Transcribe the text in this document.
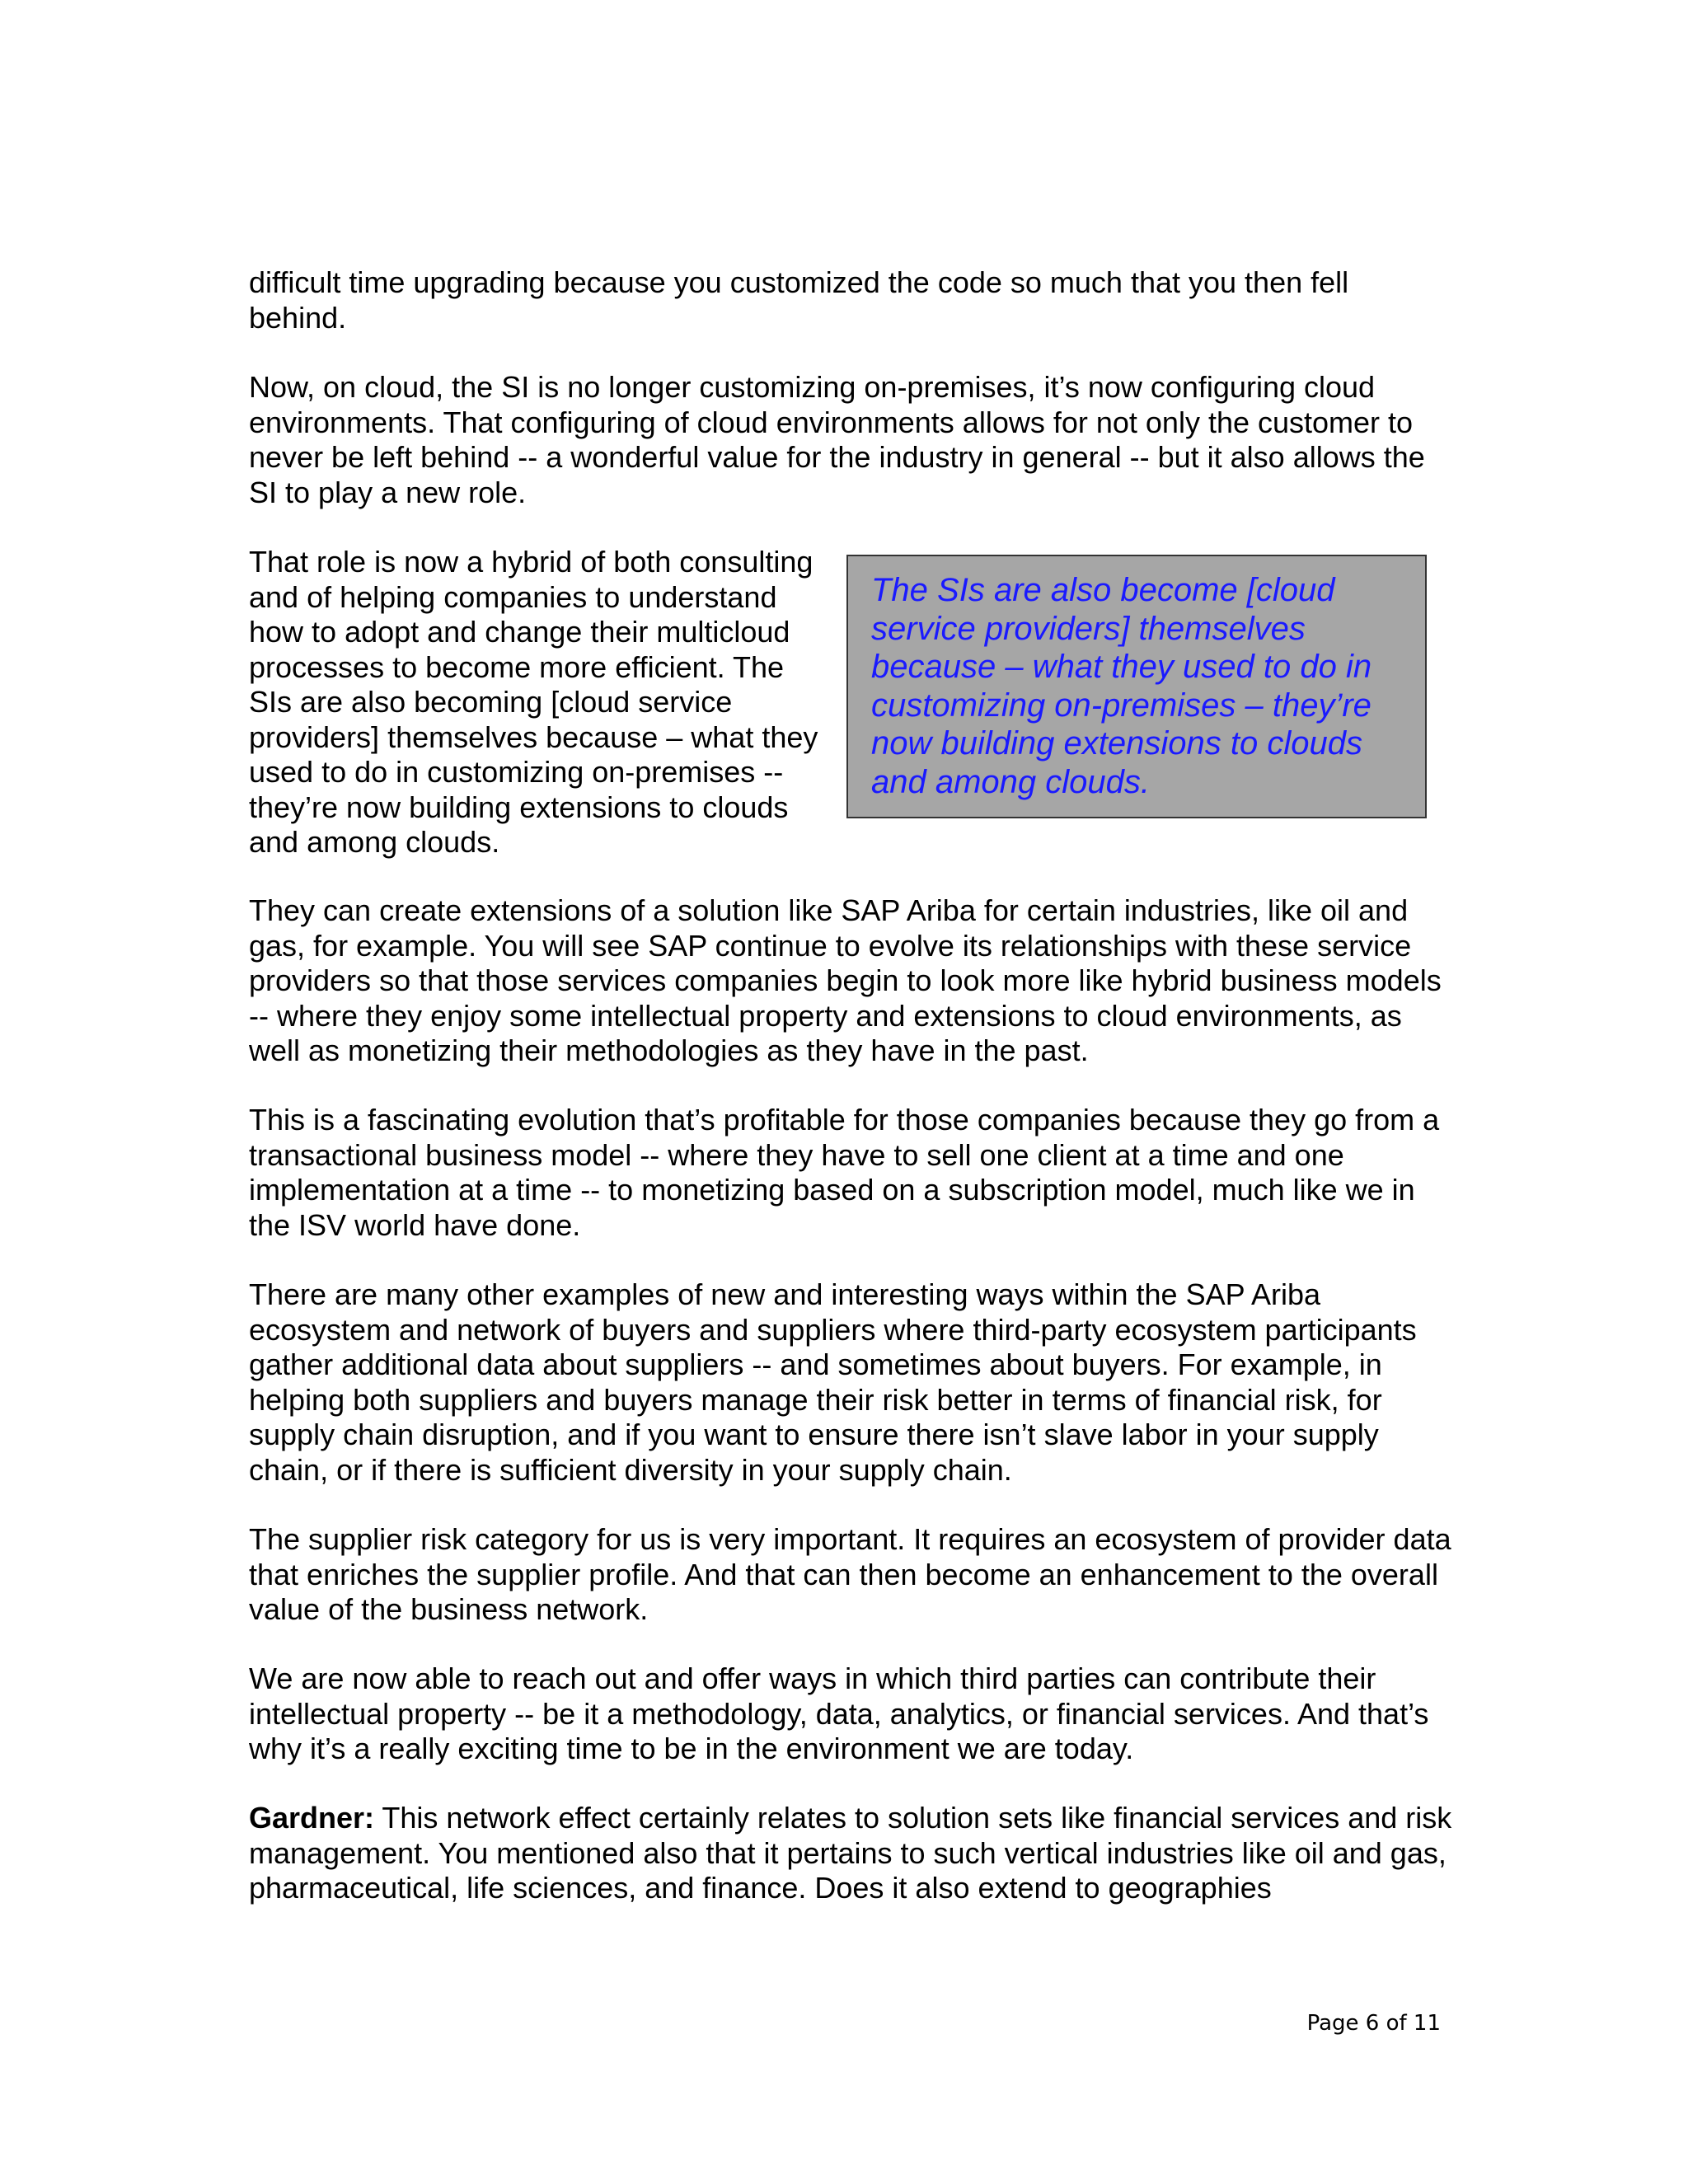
difficult time upgrading because you customized the code so much that you then fell behind.

Now, on cloud, the SI is no longer customizing on-premises, it’s now configuring cloud environments. That configuring of cloud environments allows for not only the customer to never be left behind -- a wonderful value for the industry in general -- but it also allows the SI to play a new role.

That role is now a hybrid of both consulting and of helping companies to understand how to adopt and change their multicloud processes to become more efficient. The SIs are also becoming [cloud service providers] themselves because – what they used to do in customizing on-premises -- they’re now building extensions to clouds and among clouds.

The SIs are also become [cloud service providers] themselves because – what they used to do in customizing on-premises – they’re now building extensions to clouds and among clouds.

They can create extensions of a solution like SAP Ariba for certain industries, like oil and gas, for example. You will see SAP continue to evolve its relationships with these service providers so that those services companies begin to look more like hybrid business models -- where they enjoy some intellectual property and extensions to cloud environments, as well as monetizing their methodologies as they have in the past.

This is a fascinating evolution that’s profitable for those companies because they go from a transactional business model -- where they have to sell one client at a time and one implementation at a time -- to monetizing based on a subscription model, much like we in the ISV world have done.

There are many other examples of new and interesting ways within the SAP Ariba ecosystem and network of buyers and suppliers where third-party ecosystem participants gather additional data about suppliers -- and sometimes about buyers. For example, in helping both suppliers and buyers manage their risk better in terms of financial risk, for supply chain disruption, and if you want to ensure there isn’t slave labor in your supply chain, or if there is sufficient diversity in your supply chain.

The supplier risk category for us is very important. It requires an ecosystem of provider data that enriches the supplier profile. And that can then become an enhancement to the overall value of the business network.

We are now able to reach out and offer ways in which third parties can contribute their intellectual property -- be it a methodology, data, analytics, or financial services. And that’s why it’s a really exciting time to be in the environment we are today.

Gardner: This network effect certainly relates to solution sets like financial services and risk management. You mentioned also that it pertains to such vertical industries like oil and gas, pharmaceutical, life sciences, and finance. Does it also extend to geographies

Page 6 of 11
